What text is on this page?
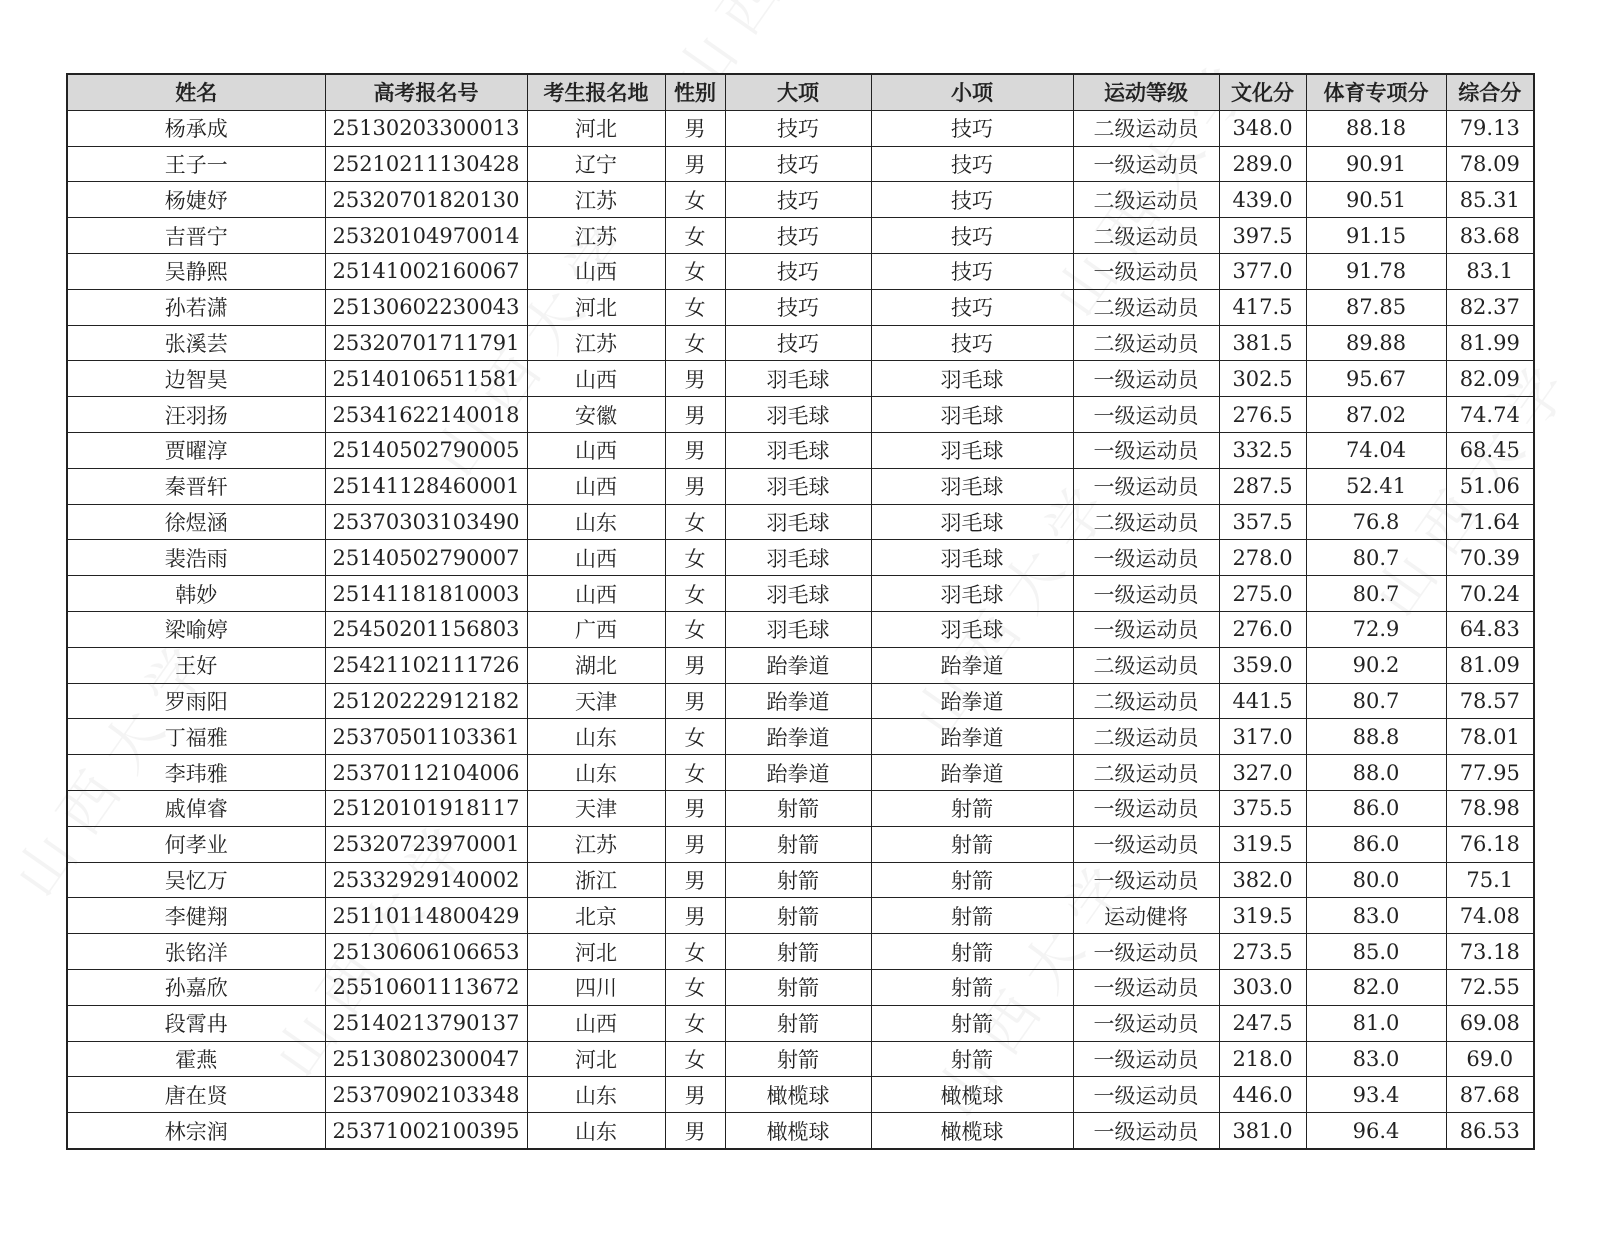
姓名	高考报名号	考生报名地	性别	大项	小项	运动等级	文化分	体育专项分	综合分
杨承成	25130203300013	河北	男	技巧	技巧	二级运动员	348.0	88.18	79.13
王子一	25210211130428	辽宁	男	技巧	技巧	一级运动员	289.0	90.91	78.09
杨婕妤	25320701820130	江苏	女	技巧	技巧	二级运动员	439.0	90.51	85.31
吉晋宁	25320104970014	江苏	女	技巧	技巧	二级运动员	397.5	91.15	83.68
吴静熙	25141002160067	山西	女	技巧	技巧	一级运动员	377.0	91.78	83.1
孙若潇	25130602230043	河北	女	技巧	技巧	二级运动员	417.5	87.85	82.37
张溪芸	25320701711791	江苏	女	技巧	技巧	二级运动员	381.5	89.88	81.99
边智昊	25140106511581	山西	男	羽毛球	羽毛球	一级运动员	302.5	95.67	82.09
汪羽扬	25341622140018	安徽	男	羽毛球	羽毛球	一级运动员	276.5	87.02	74.74
贾曜淳	25140502790005	山西	男	羽毛球	羽毛球	一级运动员	332.5	74.04	68.45
秦晋轩	25141128460001	山西	男	羽毛球	羽毛球	一级运动员	287.5	52.41	51.06
徐煜涵	25370303103490	山东	女	羽毛球	羽毛球	二级运动员	357.5	76.8	71.64
裴浩雨	25140502790007	山西	女	羽毛球	羽毛球	一级运动员	278.0	80.7	70.39
韩妙	25141181810003	山西	女	羽毛球	羽毛球	一级运动员	275.0	80.7	70.24
梁喻婷	25450201156803	广西	女	羽毛球	羽毛球	一级运动员	276.0	72.9	64.83
王好	25421102111726	湖北	男	跆拳道	跆拳道	二级运动员	359.0	90.2	81.09
罗雨阳	25120222912182	天津	男	跆拳道	跆拳道	二级运动员	441.5	80.7	78.57
丁福雅	25370501103361	山东	女	跆拳道	跆拳道	二级运动员	317.0	88.8	78.01
李玮雅	25370112104006	山东	女	跆拳道	跆拳道	二级运动员	327.0	88.0	77.95
戚倬睿	25120101918117	天津	男	射箭	射箭	一级运动员	375.5	86.0	78.98
何孝业	25320723970001	江苏	男	射箭	射箭	一级运动员	319.5	86.0	76.18
吴忆万	25332929140002	浙江	男	射箭	射箭	一级运动员	382.0	80.0	75.1
李健翔	25110114800429	北京	男	射箭	射箭	运动健将	319.5	83.0	74.08
张铭洋	25130606106653	河北	女	射箭	射箭	一级运动员	273.5	85.0	73.18
孙嘉欣	25510601113672	四川	女	射箭	射箭	一级运动员	303.0	82.0	72.55
段霄冉	25140213790137	山西	女	射箭	射箭	一级运动员	247.5	81.0	69.08
霍燕	25130802300047	河北	女	射箭	射箭	一级运动员	218.0	83.0	69.0
唐在贤	25370902103348	山东	男	橄榄球	橄榄球	一级运动员	446.0	93.4	87.68
林宗润	25371002100395	山东	男	橄榄球	橄榄球	一级运动员	381.0	96.4	86.53
